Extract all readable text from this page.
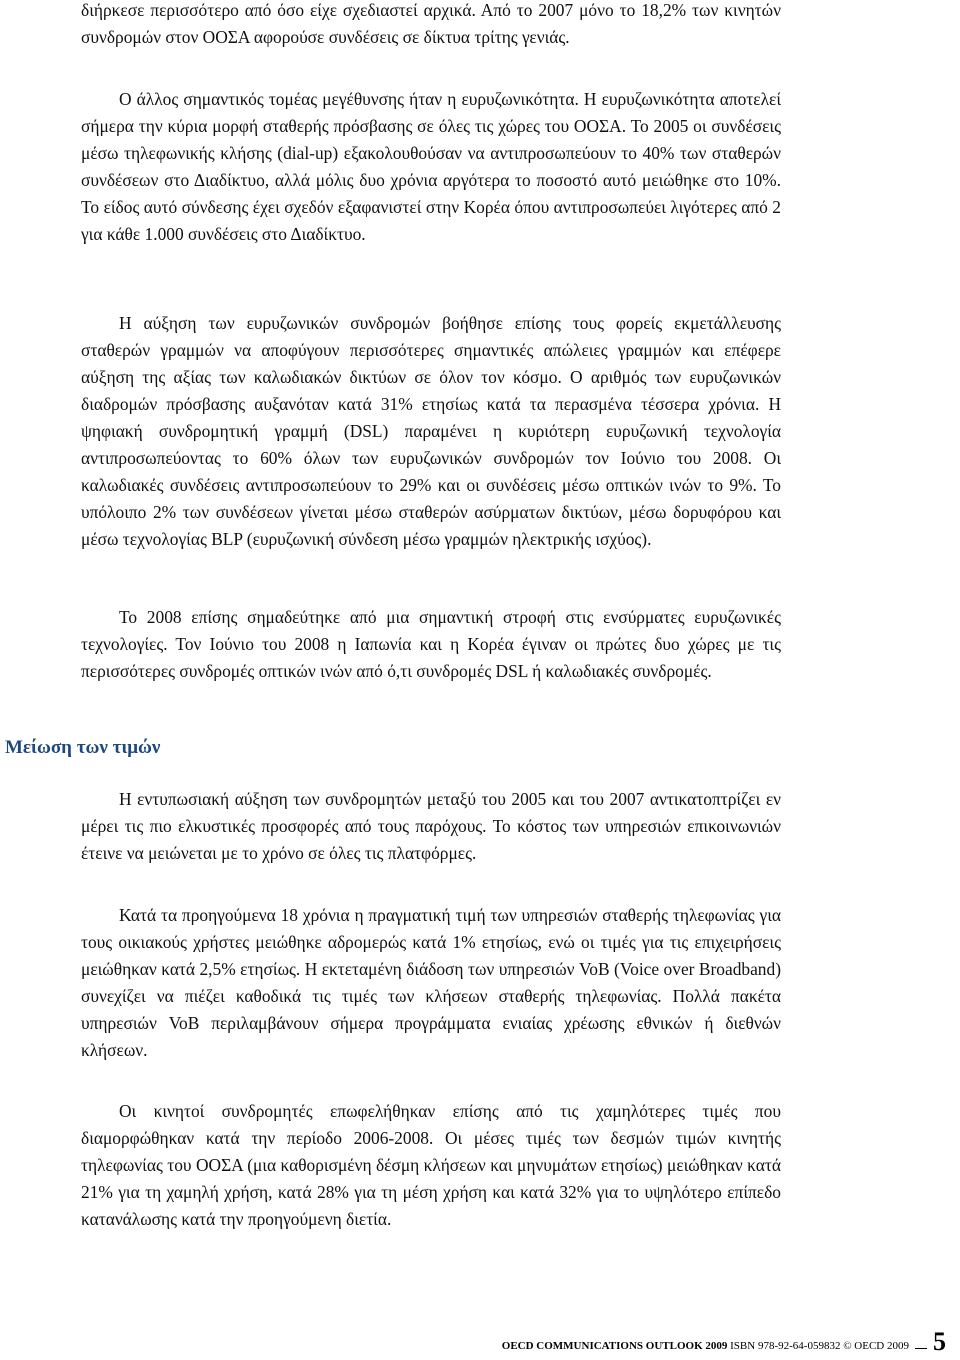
διήρκεσε περισσότερο από όσο είχε σχεδιαστεί αρχικά. Από το 2007 μόνο το 18,2% των κινητών συνδρομών στον ΟΟΣΑ αφορούσε συνδέσεις σε δίκτυα τρίτης γενιάς.

Ο άλλος σημαντικός τομέας μεγέθυνσης ήταν η ευρυζωνικότητα. Η ευρυζωνικότητα αποτελεί σήμερα την κύρια μορφή σταθερής πρόσβασης σε όλες τις χώρες του ΟΟΣΑ. Το 2005 οι συνδέσεις μέσω τηλεφωνικής κλήσης (dial-up) εξακολουθούσαν να αντιπροσωπεύουν το 40% των σταθερών συνδέσεων στο Διαδίκτυο, αλλά μόλις δυο χρόνια αργότερα το ποσοστό αυτό μειώθηκε στο 10%. Το είδος αυτό σύνδεσης έχει σχεδόν εξαφανιστεί στην Κορέα όπου αντιπροσωπεύει λιγότερες από 2 για κάθε 1.000 συνδέσεις στο Διαδίκτυο.

Η αύξηση των ευρυζωνικών συνδρομών βοήθησε επίσης τους φορείς εκμετάλλευσης σταθερών γραμμών να αποφύγουν περισσότερες σημαντικές απώλειες γραμμών και επέφερε αύξηση της αξίας των καλωδιακών δικτύων σε όλον τον κόσμο. Ο αριθμός των ευρυζωνικών διαδρομών πρόσβασης αυξανόταν κατά 31% ετησίως κατά τα περασμένα τέσσερα χρόνια. Η ψηφιακή συνδρομητική γραμμή (DSL) παραμένει η κυριότερη ευρυζωνική τεχνολογία αντιπροσωπεύοντας το 60% όλων των ευρυζωνικών συνδρομών τον Ιούνιο του 2008. Οι καλωδιακές συνδέσεις αντιπροσωπεύουν το 29% και οι συνδέσεις μέσω οπτικών ινών το 9%. Το υπόλοιπο 2% των συνδέσεων γίνεται μέσω σταθερών ασύρματων δικτύων, μέσω δορυφόρου και μέσω τεχνολογίας BLP (ευρυζωνική σύνδεση μέσω γραμμών ηλεκτρικής ισχύος).

Το 2008 επίσης σημαδεύτηκε από μια σημαντική στροφή στις ενσύρματες ευρυζωνικές τεχνολογίες. Τον Ιούνιο του 2008 η Ιαπωνία και η Κορέα έγιναν οι πρώτες δυο χώρες με τις περισσότερες συνδρομές οπτικών ινών από ό,τι συνδρομές DSL ή καλωδιακές συνδρομές.

Μείωση των τιμών

Η εντυπωσιακή αύξηση των συνδρομητών μεταξύ του 2005 και του 2007 αντικατοπτρίζει εν μέρει τις πιο ελκυστικές προσφορές από τους παρόχους. Το κόστος των υπηρεσιών επικοινωνιών έτεινε να μειώνεται με το χρόνο σε όλες τις πλατφόρμες.

Κατά τα προηγούμενα 18 χρόνια η πραγματική τιμή των υπηρεσιών σταθερής τηλεφωνίας για τους οικιακούς χρήστες μειώθηκε αδρομερώς κατά 1% ετησίως, ενώ οι τιμές για τις επιχειρήσεις μειώθηκαν κατά 2,5% ετησίως. Η εκτεταμένη διάδοση των υπηρεσιών VoB (Voice over Broadband) συνεχίζει να πιέζει καθοδικά τις τιμές των κλήσεων σταθερής τηλεφωνίας. Πολλά πακέτα υπηρεσιών VoB περιλαμβάνουν σήμερα προγράμματα ενιαίας χρέωσης εθνικών ή διεθνών κλήσεων.

Οι κινητοί συνδρομητές επωφελήθηκαν επίσης από τις χαμηλότερες τιμές που διαμορφώθηκαν κατά την περίοδο 2006-2008. Οι μέσες τιμές των δεσμών τιμών κινητής τηλεφωνίας του ΟΟΣΑ (μια καθορισμένη δέσμη κλήσεων και μηνυμάτων ετησίως) μειώθηκαν κατά 21% για τη χαμηλή χρήση, κατά 28% για τη μέση χρήση και κατά 32% για το υψηλότερο επίπεδο κατανάλωσης κατά την προηγούμενη διετία.

OECD COMMUNICATIONS OUTLOOK 2009 ISBN 978-92-64-059832 © OECD 2009 5
